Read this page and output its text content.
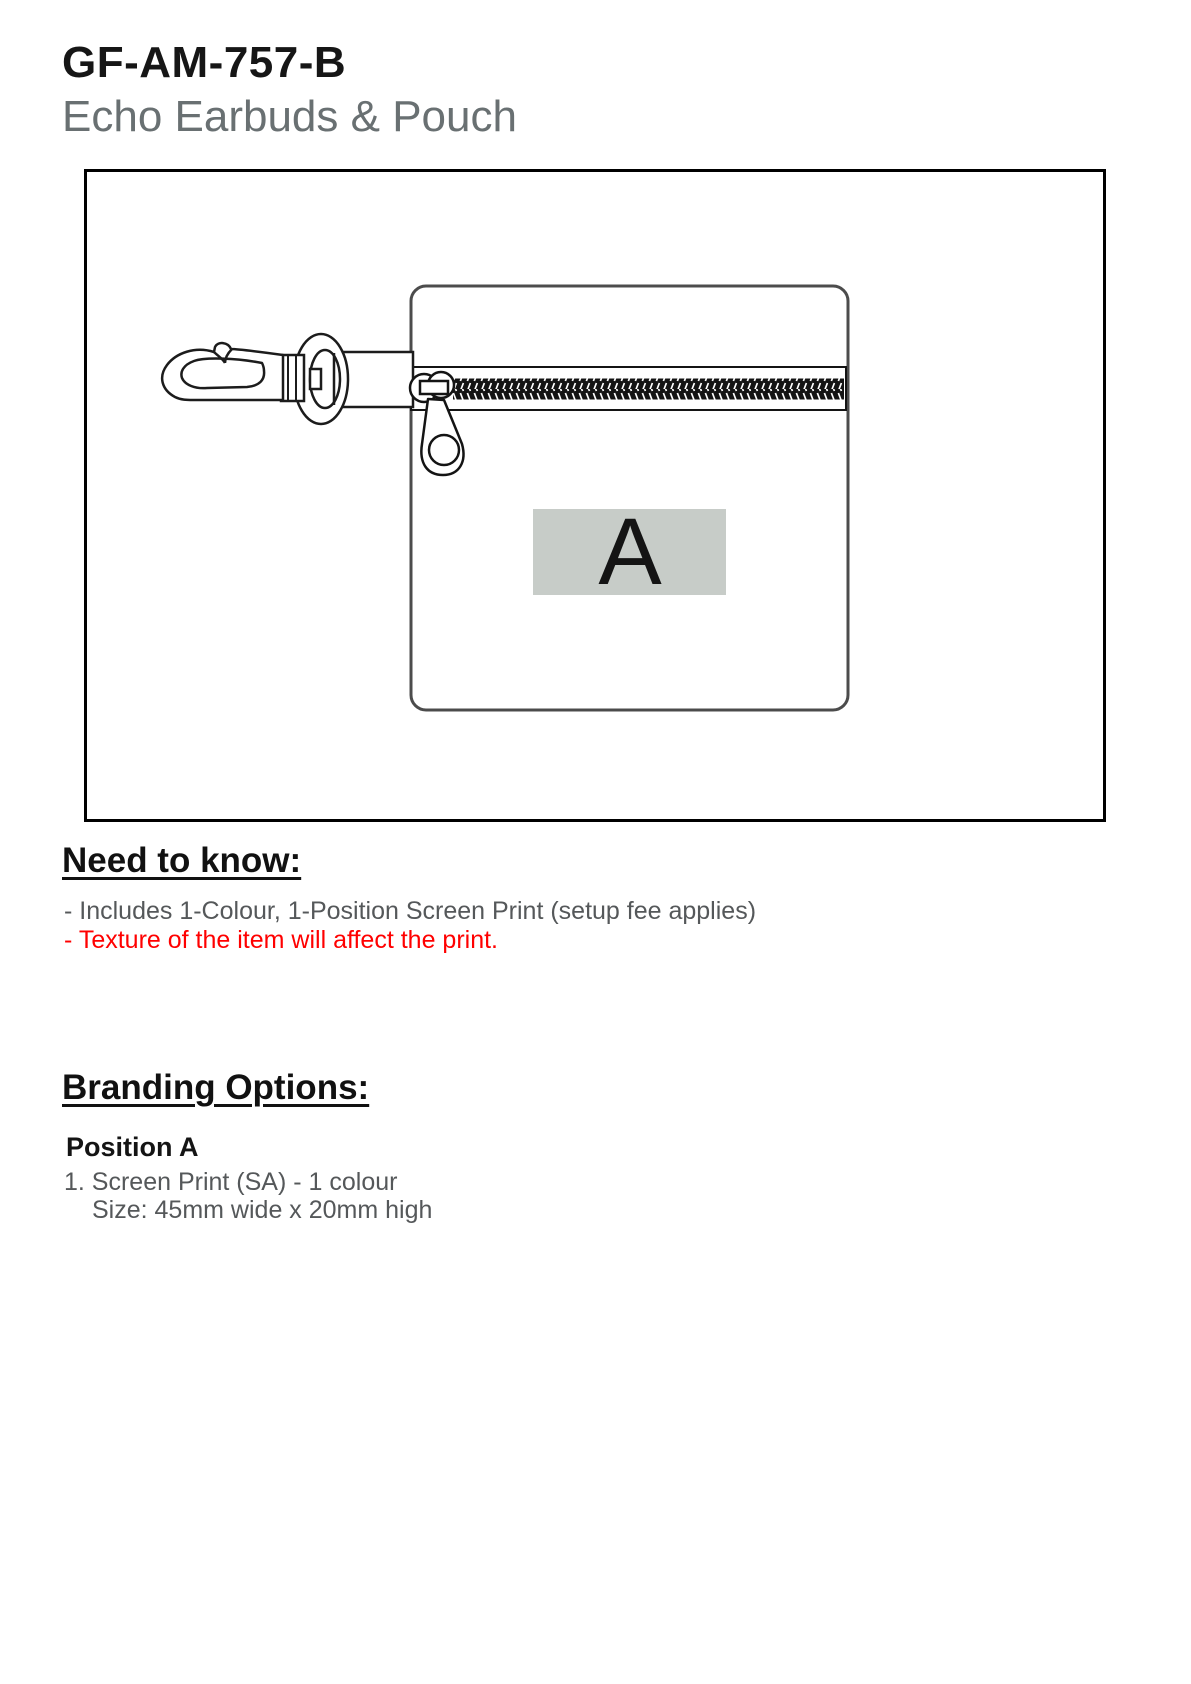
GF-AM-757-B
Echo Earbuds & Pouch
A
Need to know:
- Includes 1-Colour, 1-Position Screen Print (setup fee applies)
- Texture of the item will affect the print.
Branding Options:
Position A
1. Screen Print (SA) - 1 colour
Size: 45mm wide x 20mm high
